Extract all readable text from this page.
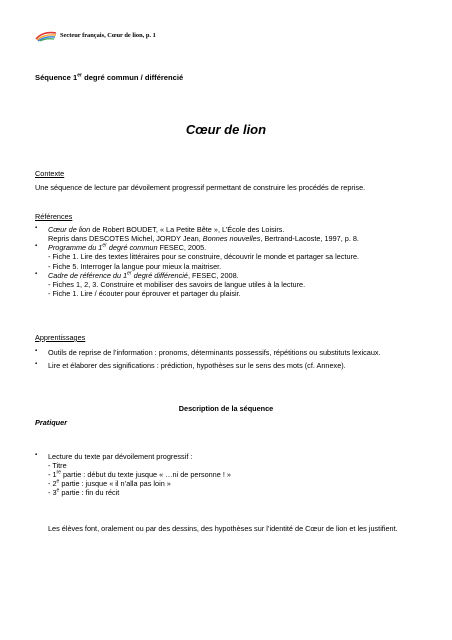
Secteur français, Cœur de lion, p. 1
Séquence 1er degré commun / différencié
Cœur de lion

Contexte

Une séquence de lecture par dévoilement progressif permettant de construire les procédés de reprise.

Références

▪ Cœur de lion de Robert BOUDET, « La Petite Bête », L’École des Loisirs.

Repris dans DESCOTES Michel, JORDY Jean, Bonnes nouvelles, Bertrand-Lacoste, 1997, p. 8.

▪ Programme du 1er degré commun FESEC, 2005.

- Fiche 1. Lire des textes littéraires pour se construire, découvrir le monde et partager sa lecture.

- Fiche 5. Interroger la langue pour mieux la maitriser.

▪ Cadre de référence du 1er degré différencié, FESEC, 2008.

- Fiches 1, 2, 3. Construire et mobiliser des savoirs de langue utiles à la lecture.

- Fiche 1. Lire / écouter pour éprouver et partager du plaisir.

Apprentissages

▪ Outils de reprise de l’information : pronoms, déterminants possessifs, répétitions ou substituts lexicaux.
▪ Lire et élaborer des significations : prédiction, hypothèses sur le sens des mots (cf. Annexe).
Description de la séquence
Pratiquer
▪ Lecture du texte par dévoilement progressif :

- Titre

- 1re partie : début du texte jusque « …ni de personne ! »

- 2e partie : jusque « il n’alla pas loin »

- 3e partie : fin du récit

Les élèves font, oralement ou par des dessins, des hypothèses sur l’identité de Cœur de lion et les justifient.
